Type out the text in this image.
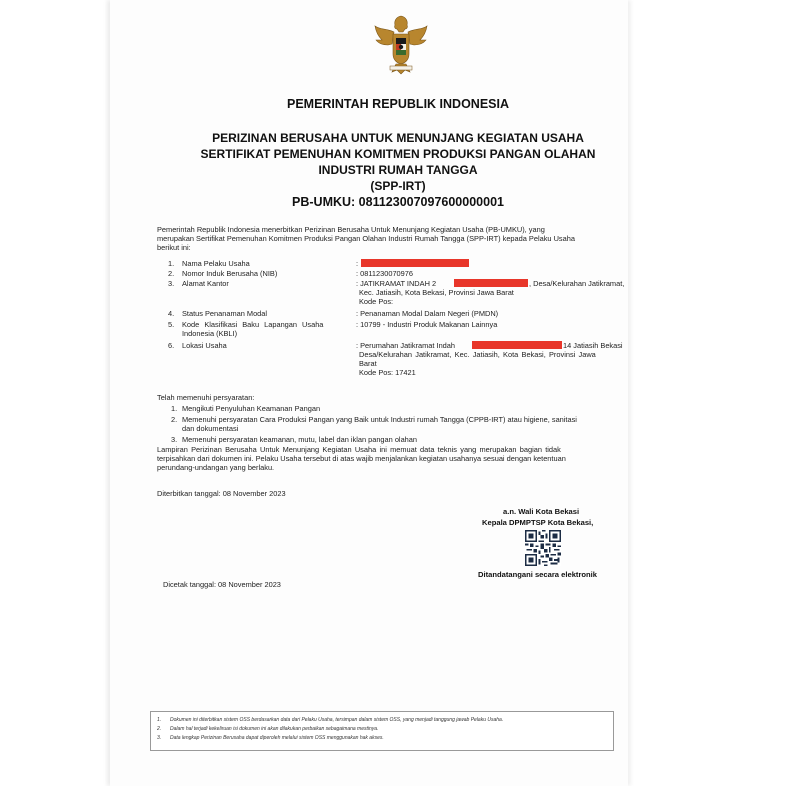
PEMERINTAH REPUBLIK INDONESIA
PERIZINAN BERUSAHA UNTUK MENUNJANG KEGIATAN USAHA
SERTIFIKAT PEMENUHAN KOMITMEN PRODUKSI PANGAN OLAHAN
INDUSTRI RUMAH TANGGA
(SPP-IRT)
PB-UMKU: 081123007097600000001
Pemerintah Republik Indonesia menerbitkan Perizinan Berusaha Untuk Menunjang Kegiatan Usaha (PB-UMKU), yang
merupakan Sertifikat Pemenuhan Komitmen Produksi Pangan Olahan Industri Rumah Tangga (SPP-IRT) kepada Pelaku Usaha
berikut ini:
1. Nama Pelaku Usaha	:
2. Nomor Induk Berusaha (NIB)	: 0811230070976
3. Alamat Kantor	: JATIKRAMAT INDAH 2	, Desa/Kelurahan Jatikramat,
Kec. Jatiasih, Kota Bekasi, Provinsi Jawa Barat
Kode Pos:
4. Status Penanaman Modal	: Penanaman Modal Dalam Negeri (PMDN)
5. Kode Klasifikasi Baku Lapangan Usaha
Indonesia (KBLI)
: 10799 - Industri Produk Makanan Lainnya
6. Lokasi Usaha	: Perumahan Jatikramat Indah	14 Jatiasih Bekasi
Desa/Kelurahan Jatikramat, Kec. Jatiasih, Kota Bekasi, Provinsi Jawa
Barat
Kode Pos: 17421
Telah memenuhi persyaratan:
1. Mengikuti Penyuluhan Keamanan Pangan
2. Memenuhi persyaratan Cara Produksi Pangan yang Baik untuk Industri rumah Tangga (CPPB-IRT) atau higiene, sanitasi
dan dokumentasi
3. Memenuhi persyaratan keamanan, mutu, label dan iklan pangan olahan
Lampiran Perizinan Berusaha Untuk Menunjang Kegiatan Usaha ini memuat data teknis yang merupakan bagian tidak
terpisahkan dari dokumen ini. Pelaku Usaha tersebut di atas wajib menjalankan kegiatan usahanya sesuai dengan ketentuan
perundang-undangan yang berlaku.
Diterbitkan tanggal: 08 November 2023
a.n. Wali Kota Bekasi
Kepala DPMPTSP Kota Bekasi,
Ditandatangani secara elektronik
Dicetak tanggal: 08 November 2023
1. Dokumen ini diterbitkan sistem OSS berdasarkan data dari Pelaku Usaha, tersimpan dalam sistem OSS, yang menjadi tanggung jawab Pelaku Usaha.
2. Dalam hal terjadi kekeliruan isi dokumen ini akan dilakukan perbaikan sebagaimana mestinya.
3. Data lengkap Perizinan Berusaha dapat diperoleh melalui sistem OSS menggunakan hak akses.
